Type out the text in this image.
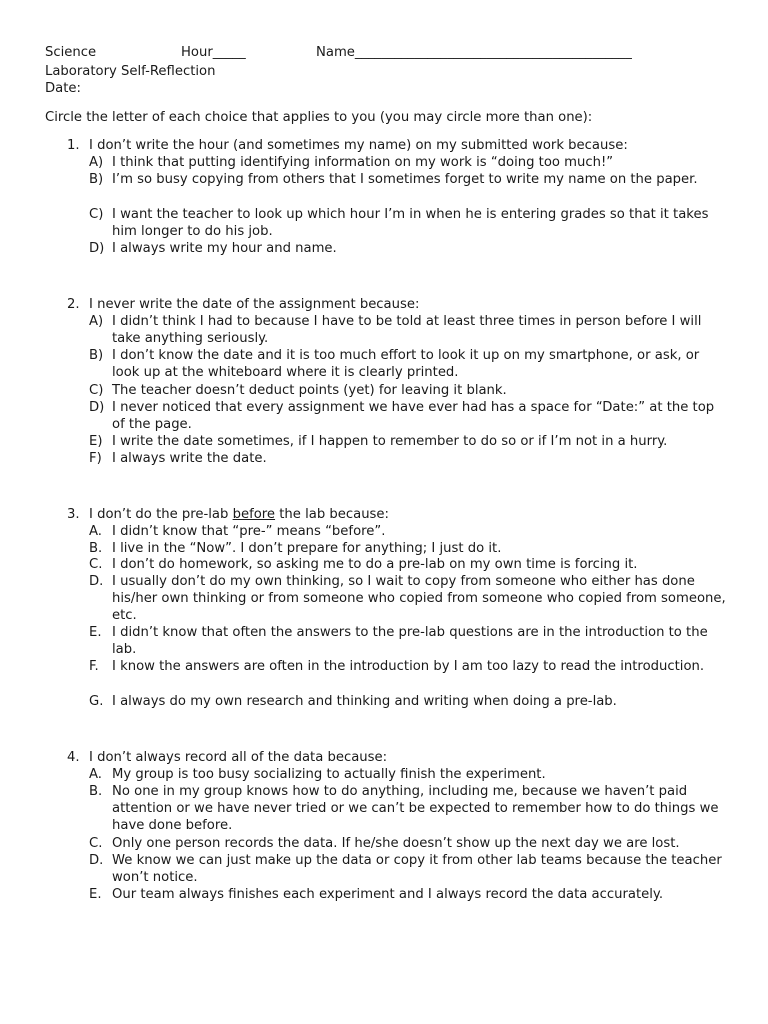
Science	Hour_____	Name__________________________________________
Laboratory Self-Reflection
Date:
Circle the letter of each choice that applies to you (you may circle more than one):
1. I don’t write the hour (and sometimes my name) on my submitted work because:
A) I think that putting identifying information on my work is “doing too much!”
B) I’m so busy copying from others that I sometimes forget to write my name on the paper.
C) I want the teacher to look up which hour I’m in when he is entering grades so that it takes him longer to do his job.
D) I always write my hour and name.
2. I never write the date of the assignment because:
A) I didn’t think I had to because I have to be told at least three times in person before I will take anything seriously.
B) I don’t know the date and it is too much effort to look it up on my smartphone, or ask, or look up at the whiteboard where it is clearly printed.
C) The teacher doesn’t deduct points (yet) for leaving it blank.
D) I never noticed that every assignment we have ever had has a space for “Date:” at the top of the page.
E) I write the date sometimes, if I happen to remember to do so or if I’m not in a hurry.
F) I always write the date.
3. I don’t do the pre-lab before the lab because:
A. I didn’t know that “pre-” means “before”.
B. I live in the “Now”. I don’t prepare for anything; I just do it.
C. I don’t do homework, so asking me to do a pre-lab on my own time is forcing it.
D. I usually don’t do my own thinking, so I wait to copy from someone who either has done his/her own thinking or from someone who copied from someone who copied from someone, etc.
E. I didn’t know that often the answers to the pre-lab questions are in the introduction to the lab.
F. I know the answers are often in the introduction by I am too lazy to read the introduction.
G. I always do my own research and thinking and writing when doing a pre-lab.
4. I don’t always record all of the data because:
A. My group is too busy socializing to actually finish the experiment.
B. No one in my group knows how to do anything, including me, because we haven’t paid attention or we have never tried or we can’t be expected to remember how to do things we have done before.
C. Only one person records the data. If he/she doesn’t show up the next day we are lost.
D. We know we can just make up the data or copy it from other lab teams because the teacher won’t notice.
E. Our team always finishes each experiment and I always record the data accurately.
